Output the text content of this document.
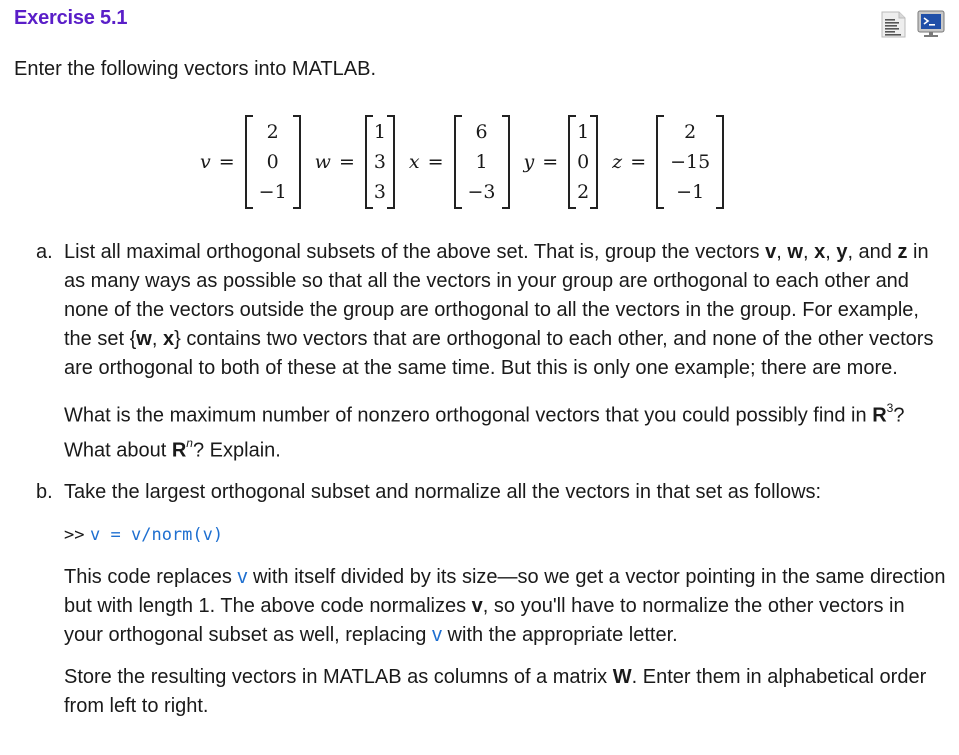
Exercise 5.1
Enter the following vectors into MATLAB.
v =
2
0
−1
w =
1
3
3
x =
6
1
−3
y =
1
0
2
z =
2
−15
−1
a. List all maximal orthogonal subsets of the above set. That is, group the vectors v, w, x, y, and z in as many ways as possible so that all the vectors in your group are orthogonal to each other and none of the vectors outside the group are orthogonal to all the vectors in the group. For example, the set {w, x} contains two vectors that are orthogonal to each other, and none of the other vectors are orthogonal to both of these at the same time. But this is only one example; there are more.

What is the maximum number of nonzero orthogonal vectors that you could possibly find in $R^3$? What about $R^n$? Explain.

b. Take the largest orthogonal subset and normalize all the vectors in that set as follows:

>> v = v/norm(v)

This code replaces v with itself divided by its size—so we get a vector pointing in the same direction but with length 1. The above code normalizes v, so you'll have to normalize the other vectors in your orthogonal subset as well, replacing v with the appropriate letter.

Store the resulting vectors in MATLAB as columns of a matrix W. Enter them in alphabetical order from left to right.
